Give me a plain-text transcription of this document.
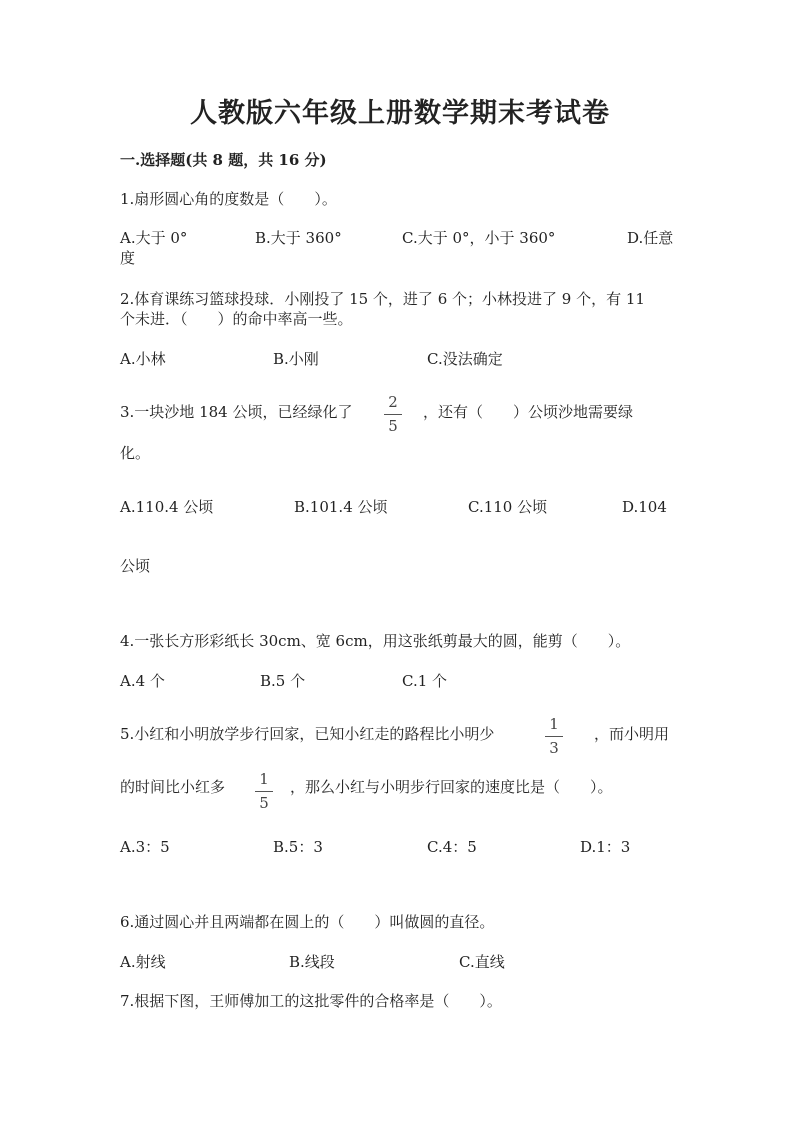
人教版六年级上册数学期末考试卷
一.选择题(共 8 题，共 16 分)
1.扇形圆心角的度数是（　　）。
A.大于 0°	B.大于 360°	C.大于 0°，小于 360°	D.任意
度
2.体育课练习篮球投球．小刚投了 15 个，进了 6 个；小林投进了 9 个，有 11
个未进．（　　）的命中率高一些。
A.小林	B.小刚	C.没法确定
3.一块沙地 184 公顷，已经绿化了
2
5
，还有（　　）公顷沙地需要绿
化。
A.110.4 公顷	B.101.4 公顷	C.110 公顷	D.104
公顷
4.一张长方形彩纸长 30cm、宽 6cm，用这张纸剪最大的圆，能剪（　　）。
A.4 个	B.5 个	C.1 个
5.小红和小明放学步行回家，已知小红走的路程比小明少
1
3
，而小明用
的时间比小红多	1
5
，那么小红与小明步行回家的速度比是（　　）。
A.3：5	B.5：3	C.4：5	D.1：3
6.通过圆心并且两端都在圆上的（　　）叫做圆的直径。
A.射线	B.线段	C.直线
7.根据下图，王师傅加工的这批零件的合格率是（　　）。
